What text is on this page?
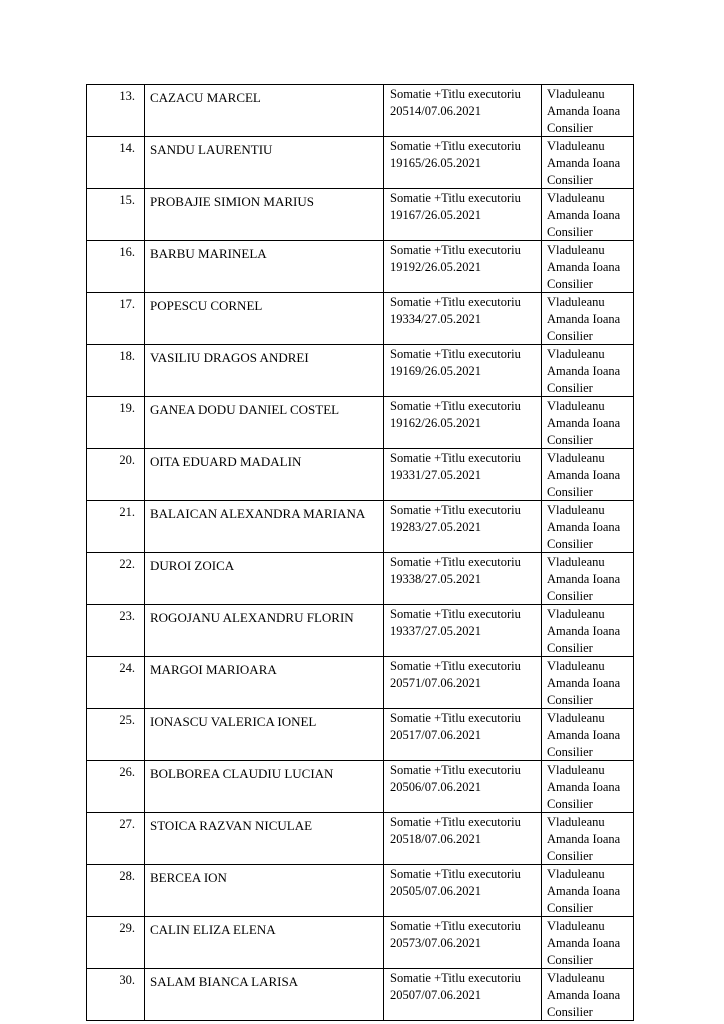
13.	CAZACU MARCEL	Somatie +Titlu executoriu
20514/07.06.2021	Vladuleanu
Amanda Ioana
Consilier

14.	SANDU LAURENTIU	Somatie +Titlu executoriu
19165/26.05.2021	Vladuleanu
Amanda Ioana
Consilier

15.	PROBAJIE SIMION MARIUS	Somatie +Titlu executoriu
19167/26.05.2021	Vladuleanu
Amanda Ioana
Consilier

16.	BARBU MARINELA	Somatie +Titlu executoriu
19192/26.05.2021	Vladuleanu
Amanda Ioana
Consilier

17.	POPESCU CORNEL	Somatie +Titlu executoriu
19334/27.05.2021	Vladuleanu
Amanda Ioana
Consilier

18.	VASILIU DRAGOS ANDREI	Somatie +Titlu executoriu
19169/26.05.2021	Vladuleanu
Amanda Ioana
Consilier

19.	GANEA DODU DANIEL COSTEL	Somatie +Titlu executoriu
19162/26.05.2021	Vladuleanu
Amanda Ioana
Consilier

20.	OITA EDUARD MADALIN	Somatie +Titlu executoriu
19331/27.05.2021	Vladuleanu
Amanda Ioana
Consilier

21.	BALAICAN ALEXANDRA MARIANA	Somatie +Titlu executoriu
19283/27.05.2021	Vladuleanu
Amanda Ioana
Consilier

22.	DUROI ZOICA	Somatie +Titlu executoriu
19338/27.05.2021	Vladuleanu
Amanda Ioana
Consilier

23.	ROGOJANU ALEXANDRU FLORIN	Somatie +Titlu executoriu
19337/27.05.2021	Vladuleanu
Amanda Ioana
Consilier

24.	MARGOI MARIOARA	Somatie +Titlu executoriu
20571/07.06.2021	Vladuleanu
Amanda Ioana
Consilier

25.	IONASCU VALERICA IONEL	Somatie +Titlu executoriu
20517/07.06.2021	Vladuleanu
Amanda Ioana
Consilier

26.	BOLBOREA CLAUDIU LUCIAN	Somatie +Titlu executoriu
20506/07.06.2021	Vladuleanu
Amanda Ioana
Consilier

27.	STOICA RAZVAN NICULAE	Somatie +Titlu executoriu
20518/07.06.2021	Vladuleanu
Amanda Ioana
Consilier

28.	BERCEA ION	Somatie +Titlu executoriu
20505/07.06.2021	Vladuleanu
Amanda Ioana
Consilier

29.	CALIN ELIZA ELENA	Somatie +Titlu executoriu
20573/07.06.2021	Vladuleanu
Amanda Ioana
Consilier

30.	SALAM BIANCA LARISA	Somatie +Titlu executoriu
20507/07.06.2021	Vladuleanu
Amanda Ioana
Consilier
